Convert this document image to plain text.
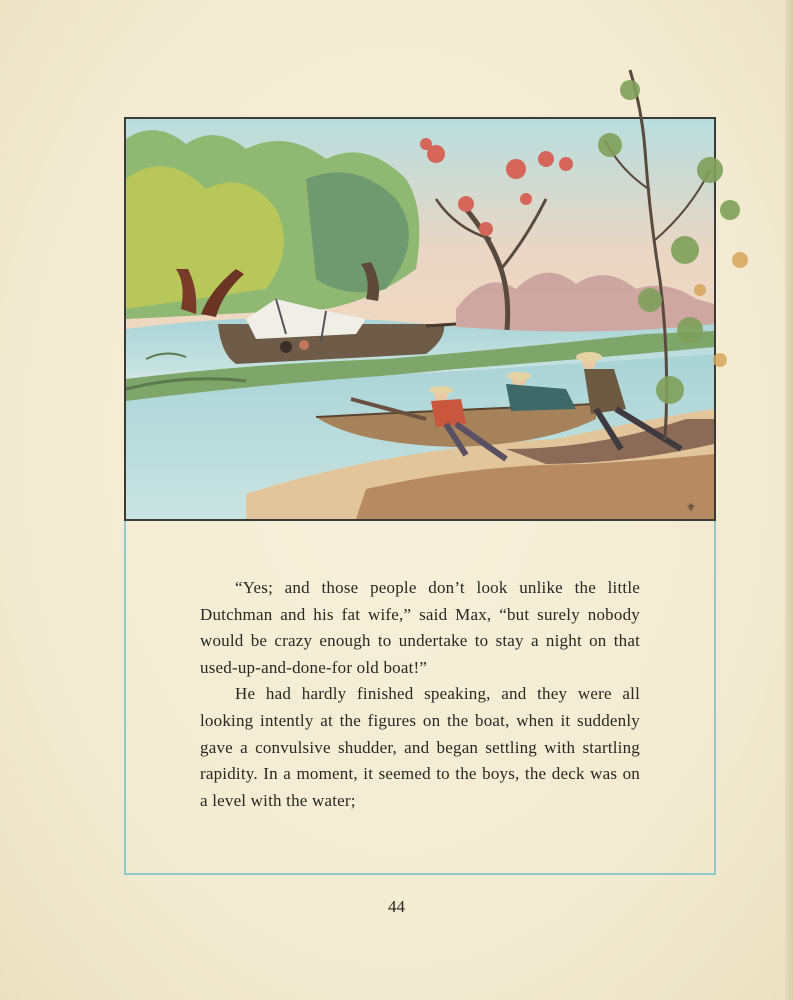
⚜

“Yes; and those people don’t look unlike the little Dutchman and his fat wife,” said Max, “but surely nobody would be crazy enough to undertake to stay a night on that used-up-and-done-for old boat!”

He had hardly finished speaking, and they were all looking intently at the figures on the boat, when it suddenly gave a convulsive shudder, and began settling with startling rapidity. In a moment, it seemed to the boys, the deck was on a level with the water;

44
